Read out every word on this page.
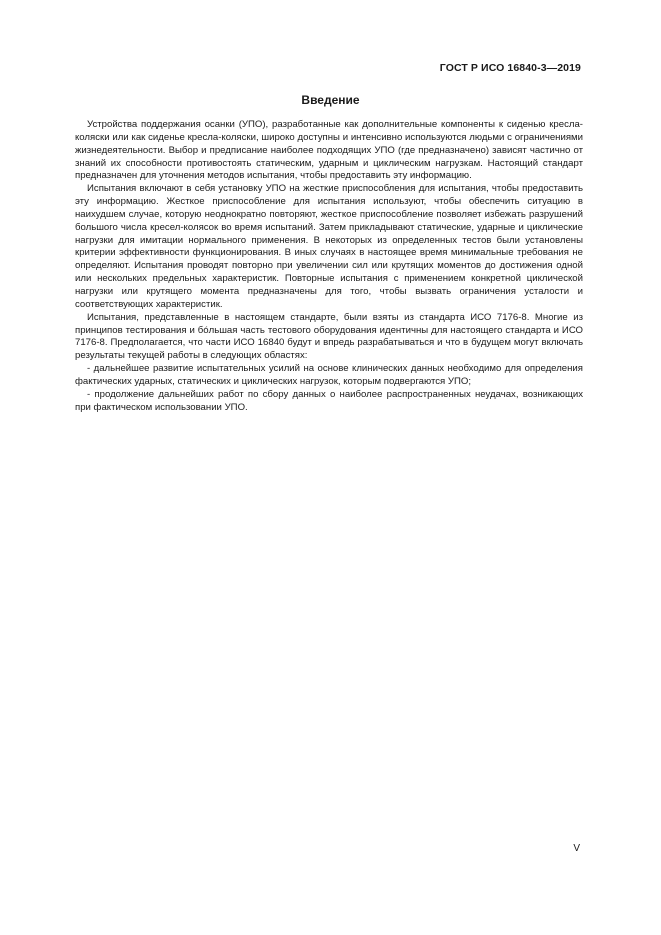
ГОСТ Р ИСО 16840-3—2019
Введение

Устройства поддержания осанки (УПО), разработанные как дополнительные компоненты к сиденью кресла-коляски или как сиденье кресла-коляски, широко доступны и интенсивно используются людьми с ограничениями жизнедеятельности. Выбор и предписание наиболее подходящих УПО (где предназначено) зависят частично от знаний их способности противостоять статическим, ударным и циклическим нагрузкам. Настоящий стандарт предназначен для уточнения методов испытания, чтобы предоставить эту информацию.

Испытания включают в себя установку УПО на жесткие приспособления для испытания, чтобы предоставить эту информацию. Жесткое приспособление для испытания используют, чтобы обеспечить ситуацию в наихудшем случае, которую неоднократно повторяют, жесткое приспособление позволяет избежать разрушений большого числа кресел-колясок во время испытаний. Затем прикладывают статические, ударные и циклические нагрузки для имитации нормального применения. В некоторых из определенных тестов были установлены критерии эффективности функционирования. В иных случаях в настоящее время минимальные требования не определяют. Испытания проводят повторно при увеличении сил или крутящих моментов до достижения одной или нескольких предельных характеристик. Повторные испытания с применением конкретной циклической нагрузки или крутящего момента предназначены для того, чтобы вызвать ограничения усталости и соответствующих характеристик.

Испытания, представленные в настоящем стандарте, были взяты из стандарта ИСО 7176-8. Многие из принципов тестирования и бóльшая часть тестового оборудования идентичны для настоящего стандарта и ИСО 7176-8. Предполагается, что части ИСО 16840 будут и впредь разрабатываться и что в будущем могут включать результаты текущей работы в следующих областях:

- дальнейшее развитие испытательных усилий на основе клинических данных необходимо для определения фактических ударных, статических и циклических нагрузок, которым подвергаются УПО;

- продолжение дальнейших работ по сбору данных о наиболее распространенных неудачах, возникающих при фактическом использовании УПО.

V
